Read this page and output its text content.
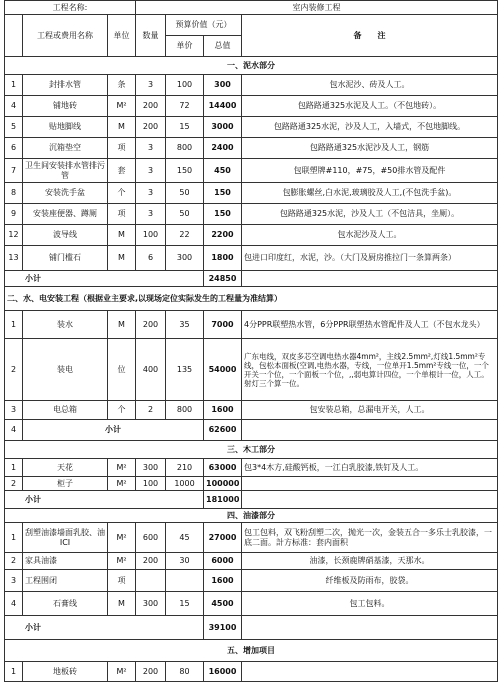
工程名称:			室内装修工程			
	工程或费用名称	单位	数量	预算价值（元）		备　　注
				单价	总值	
一、泥水部分						
1	封排水管	条	3	100	300	包水泥沙、砖及人工。
4	铺地砖	M²	200	72	14400	包路路通325水泥及人工。（不包地砖）。
5	贴地脚线	M	200	15	3000	包路路通325水泥，沙及人工，入墙式，不包地脚线。
6	沉箱垫空	项	3	800	2400	包路路通325水泥沙及人工，钢筋
7	卫生间安装排水管排污管	套	3	150	450	包联塑牌#110，#75，#50排水管及配件
8	安装洗手盆	个	3	50	150	包膨胀螺丝,白水泥,玻璃胶及人工,(不包洗手盆)。
9	安装座便器、蹲厕	项	3	50	150	包路路通325水泥，沙及人工（不包洁具，坐厕）。
12	波导线	M	100	22	2200	包水泥沙及人工。
13	铺门槛石	M	6	300	1800	包进口印度红，水泥，沙。（大门及厨房推拉门一条算两条）
小计					24850	
二、水、电安装工程（根据业主要求,以现场定位实际发生的工程量为准结算）						
1	装水	M	200	35	7000	4分PPR联塑热水管，6分PPR联塑热水管配件及人工（不包水龙头）
2	装电	位	400	135	54000	广东电线，双皮多芯空调电热水器4mm²，主线2.5mm²,灯线1.5mm²专线，包松本面板(空调,电热水器，专线，一位单开1.5mm²专线一位，一个开关一个位，一个面板一个位，,,弱电算计四位，一个单根计一位，人工。射灯三个算一位。
3	电总箱	个	2	800	1600	包安装总箱，总漏电开关，人工。
4	小计				62600	
三、木工部分						
1	天花	M²	300	210	63000	包3*4木方,硅酸钙板，一江白乳胶漆,铁钉及人工。
2	柜子	M²	100	1000	100000	
小计					181000	
四、油漆部分						
1	刮塑油漆墙面乳胶、油ICI	M²	600	45	27000	包工包料，双飞粉刮塑二次，抛光一次，金装五合一多乐士乳胶漆，一底二面。計方标准：套内面积
2	家具油漆	M²	200	30	6000	油漆，长颈鹿牌硝基漆，天那水。
3	工程围闭	项			1600	纤维板及防雨布，胶袋。
4	石膏线	M	300	15	4500	包工包料。
小计					39100	
五、增加项目						
1	地板砖	M²	200	80	16000	
